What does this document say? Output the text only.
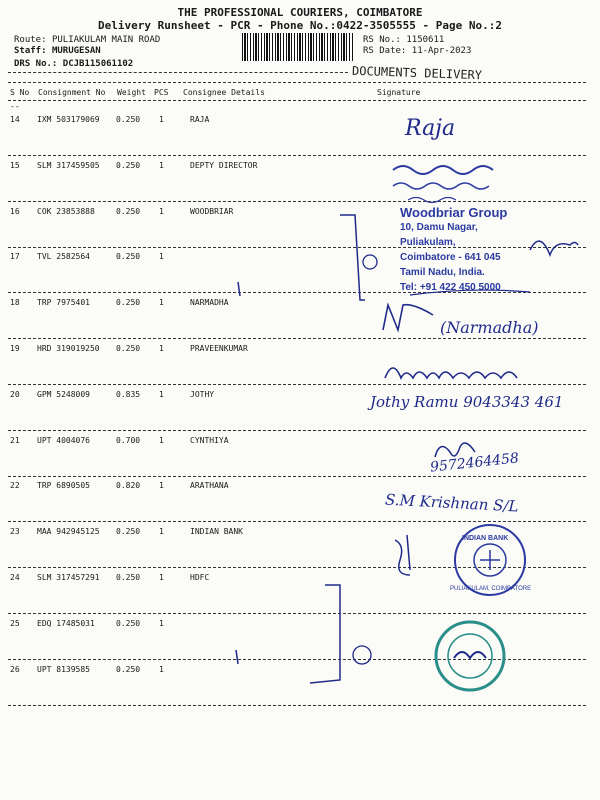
THE PROFESSIONAL COURIERS, COIMBATORE
Delivery Runsheet - PCR - Phone No.:0422-3505555 - Page No.:2
Route: PULIAKULAM MAIN ROAD
Staff: MURUGESAN
DRS No.: DCJB115061102
RS No.: 1150611
RS Date: 11-Apr-2023
DOCUMENTS DELIVERY
S No Consignment No Weight PCS Consignee Details	Signature
--
14 IXM 503179069 0.250 1	RAJA
15 SLM 317459505 0.250 1	DEPTY DIRECTOR
16 COK 23853888	0.250 1	WOODBRIAR
17 TVL 2582564	0.250 1
18 TRP 7975401	0.250 1	NARMADHA
19 HRD 319019250 0.250 1	PRAVEENKUMAR
20 GPM 5248009	0.835 1	JOTHY
21 UPT 4004076	0.700 1	CYNTHIYA
22 TRP 6890505	0.820 1	ARATHANA
23 MAA 942945125 0.250 1	INDIAN BANK
24 SLM 317457291 0.250 1	HDFC
25 EDQ 17485031	0.250 1
26 UPT 8139585	0.250 1
Raja
Woodbriar Group
10, Damu Nagar,
Puliakulam,
Coimbatore - 641 045
Tamil Nadu, India.
Tel: +91 422 450 5000
(Narmadha)
Jothy Ramu 9043343 461
9572464458
S.M Krishnan S/L
INDIAN BANK
PULIAKULAM, COIMBATORE
